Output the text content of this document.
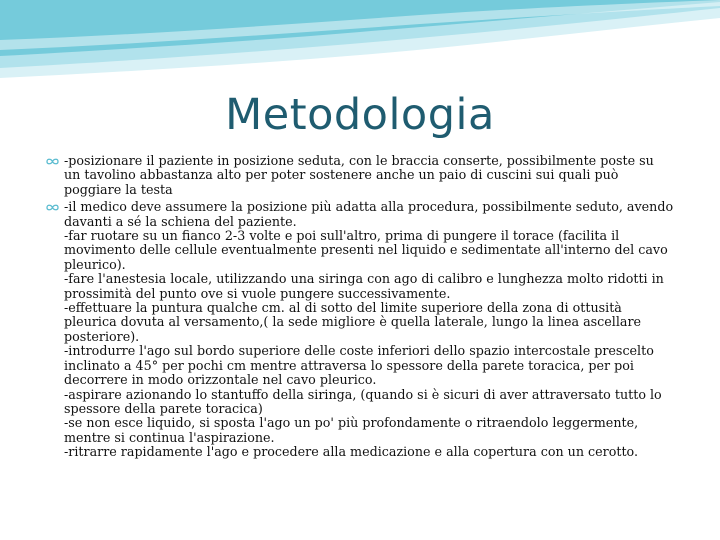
Metodologia
-posizionare il paziente in posizione seduta, con le braccia conserte, possibilmente poste su
un tavolino abbastanza alto per poter sostenere anche un paio di cuscini sui quali può
poggiare la testa
-il medico deve assumere la posizione più adatta alla procedura, possibilmente seduto, avendo
davanti a sé la schiena del paziente.
-far ruotare su un fianco 2-3 volte e poi sull'altro, prima di pungere il torace (facilita il
movimento delle cellule eventualmente presenti nel liquido e sedimentate all'interno del cavo
pleurico).
-fare l'anestesia locale, utilizzando una siringa con ago di calibro e lunghezza molto ridotti in
prossimità del punto ove si vuole pungere successivamente.
-effettuare la puntura qualche cm. al di sotto del limite superiore della zona di ottusità
pleurica dovuta al versamento,( la sede migliore è quella laterale, lungo la linea ascellare
posteriore).
-introdurre l'ago sul bordo superiore delle coste inferiori dello spazio intercostale prescelto
inclinato a 45° per pochi cm mentre attraversa lo spessore della parete toracica, per poi
decorrere in modo orizzontale nel cavo pleurico.
-aspirare azionando lo stantuffo della siringa, (quando si è sicuri di aver attraversato tutto lo
spessore della parete toracica)
-se non esce liquido, si sposta l'ago un po' più profondamente o ritraendolo leggermente,
mentre si continua l'aspirazione.
-ritrarre rapidamente l'ago e procedere alla medicazione e alla copertura con un cerotto.
